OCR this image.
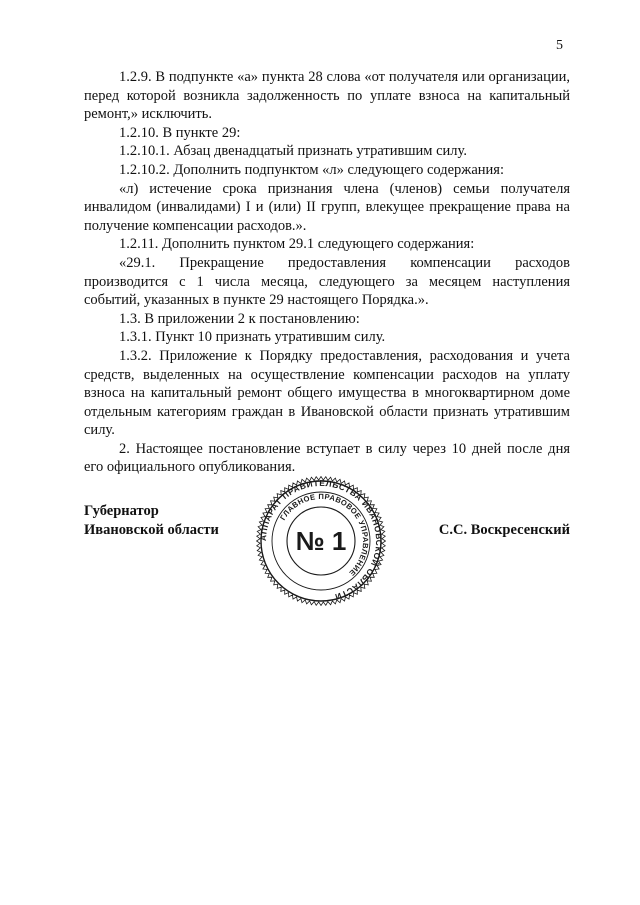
5

1.2.9. В подпункте «а» пункта 28 слова «от получателя или организации, перед которой возникла задолженность по уплате взноса на капитальный ремонт,» исключить.

1.2.10. В пункте 29:

1.2.10.1. Абзац двенадцатый признать утратившим силу.

1.2.10.2. Дополнить подпунктом «л» следующего содержания:

«л) истечение срока признания члена (членов) семьи получателя инвалидом (инвалидами) I и (или) II групп, влекущее прекращение права на получение компенсации расходов.».

1.2.11. Дополнить пунктом 29.1 следующего содержания:

«29.1. Прекращение предоставления компенсации расходов производится с 1 числа месяца, следующего за месяцем наступления событий, указанных в пункте 29 настоящего Порядка.».

1.3. В приложении 2 к постановлению:

1.3.1. Пункт 10 признать утратившим силу.

1.3.2. Приложение к Порядку предоставления, расходования и учета средств, выделенных на осуществление компенсации расходов на уплату взноса на капитальный ремонт общего имущества в многоквартирном доме отдельным категориям граждан в Ивановской области признать утратившим силу.

2. Настоящее постановление вступает в силу через 10 дней после дня его официального опубликования.

Губернатор
Ивановской области	АППАРАТ ПРАВИТЕЛЬСТВА ИВАНОВСКОЙ ОБЛАСТИ
ГЛАВНОЕ ПРАВОВОЕ УПРАВЛЕНИЕ
№ 1	С.С. Воскресенский
